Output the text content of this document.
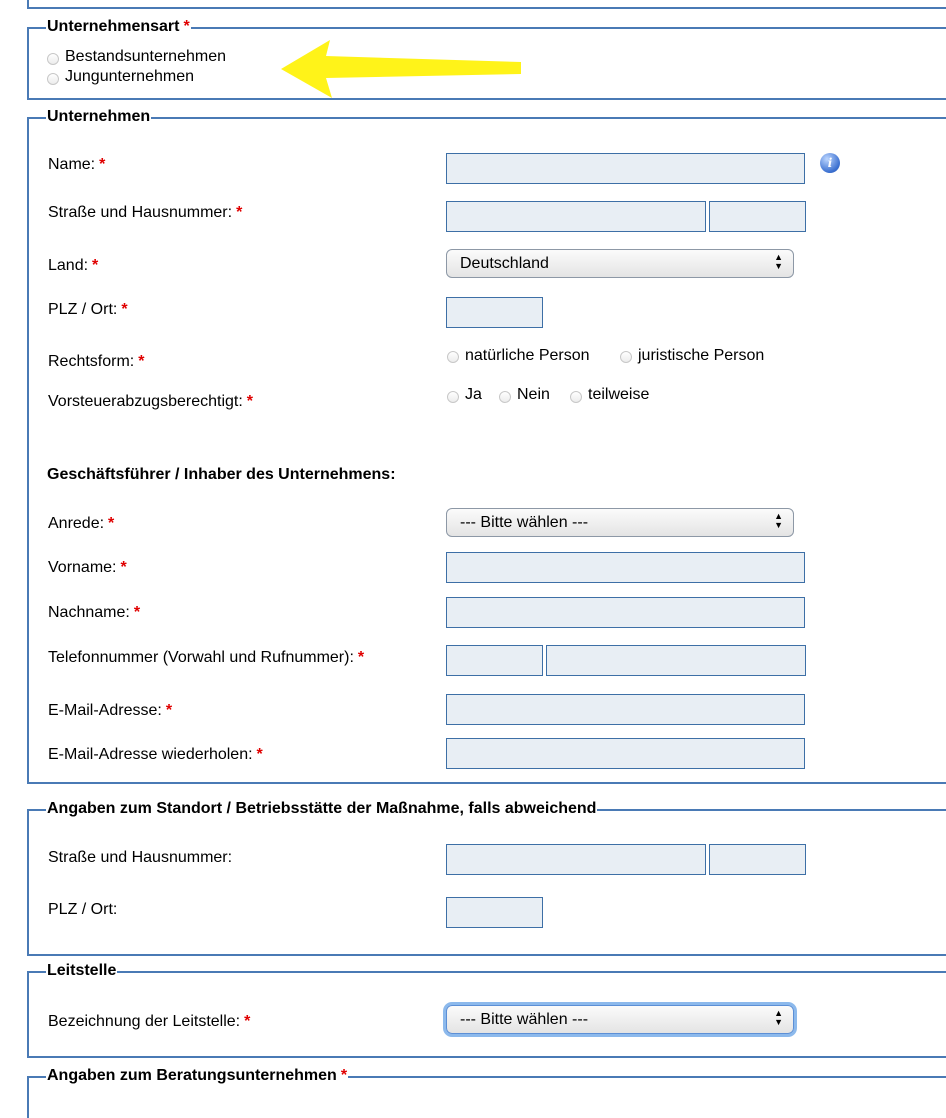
Unternehmensart *
Bestandsunternehmen
Jungunternehmen
Unternehmen
Name: *	i
Straße und Hausnummer: *
Land: *	Deutschland	▲
▼
PLZ / Ort: *
Rechtsform: *	natürliche Person	juristische Person
Vorsteuerabzugsberechtigt: *	Ja Nein teilweise
Geschäftsführer / Inhaber des Unternehmens:
Anrede: *	--- Bitte wählen ---	▲
▼
Vorname: *
Nachname: *
Telefonnummer (Vorwahl und Rufnummer): *
E-Mail-Adresse: *
E-Mail-Adresse wiederholen: *
Angaben zum Standort / Betriebsstätte der Maßnahme, falls abweichend
Straße und Hausnummer:
PLZ / Ort:
Leitstelle
Bezeichnung der Leitstelle: *	--- Bitte wählen ---	▲
▼
Angaben zum Beratungsunternehmen *
